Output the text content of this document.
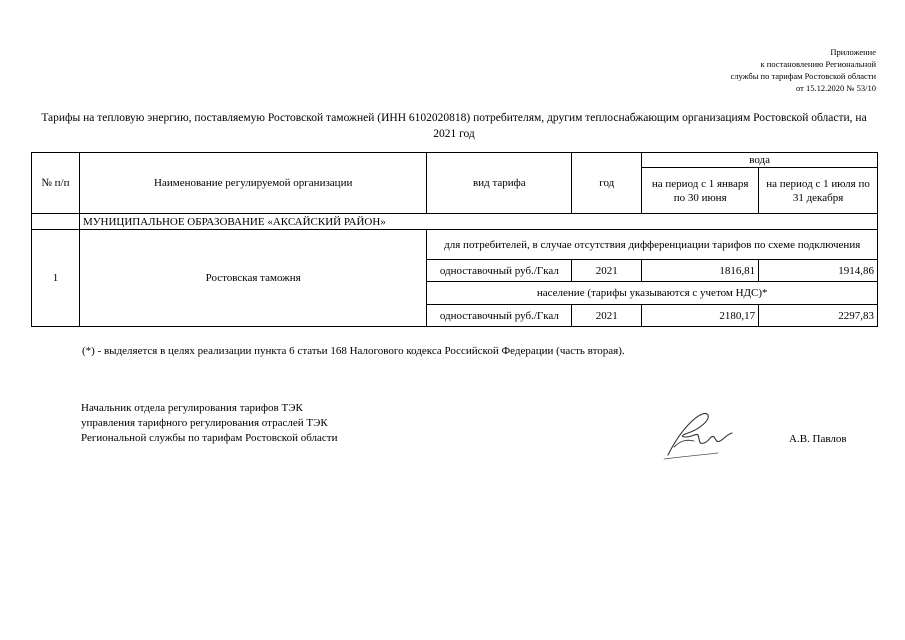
Приложение
к постановлению Региональной
службы по тарифам Ростовской области
от 15.12.2020 № 53/10
Тарифы на тепловую энергию, поставляемую Ростовской таможней (ИНН 6102020818) потребителям, другим теплоснабжающим организациям Ростовской области, на 2021 год
№ п/п	Наименование регулируемой организации	вид тарифа	год	вода	
				на период с 1 января по 30 июня	на период с 1 июля по 31 декабря
	МУНИЦИПАЛЬНОЕ ОБРАЗОВАНИЕ «АКСАЙСКИЙ РАЙОН»				
1	Ростовская таможня	для потребителей, в случае отсутствия дифференциации тарифов по схеме подключения			
		одноставочный руб./Гкал	2021	1816,81	1914,86
		население (тарифы указываются с учетом НДС)*			
		одноставочный руб./Гкал	2021	2180,17	2297,83
(*) - выделяется в целях реализации пункта 6 статьи 168 Налогового кодекса Российской Федерации (часть вторая).
Начальник отдела регулирования тарифов ТЭК
управления тарифного регулирования отраслей ТЭК
Региональной службы по тарифам Ростовской области	А.В. Павлов
